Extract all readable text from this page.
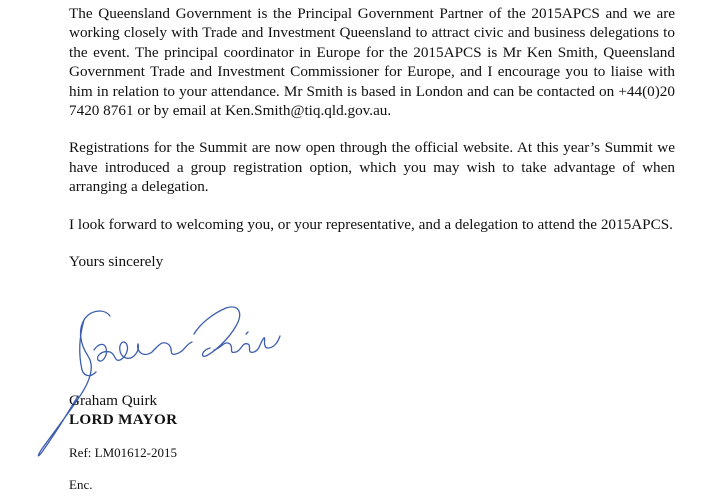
The Queensland Government is the Principal Government Partner of the 2015APCS and we are working closely with Trade and Investment Queensland to attract civic and business delegations to the event. The principal coordinator in Europe for the 2015APCS is Mr Ken Smith, Queensland Government Trade and Investment Commissioner for Europe, and I encourage you to liaise with him in relation to your attendance. Mr Smith is based in London and can be contacted on +44(0)20 7420 8761 or by email at Ken.Smith@tiq.qld.gov.au.

Registrations for the Summit are now open through the official website. At this year’s Summit we have introduced a group registration option, which you may wish to take advantage of when arranging a delegation.

I look forward to welcoming you, or your representative, and a delegation to attend the 2015APCS.

Yours sincerely

Graham Quirk

LORD MAYOR

Ref: LM01612-2015

Enc.
